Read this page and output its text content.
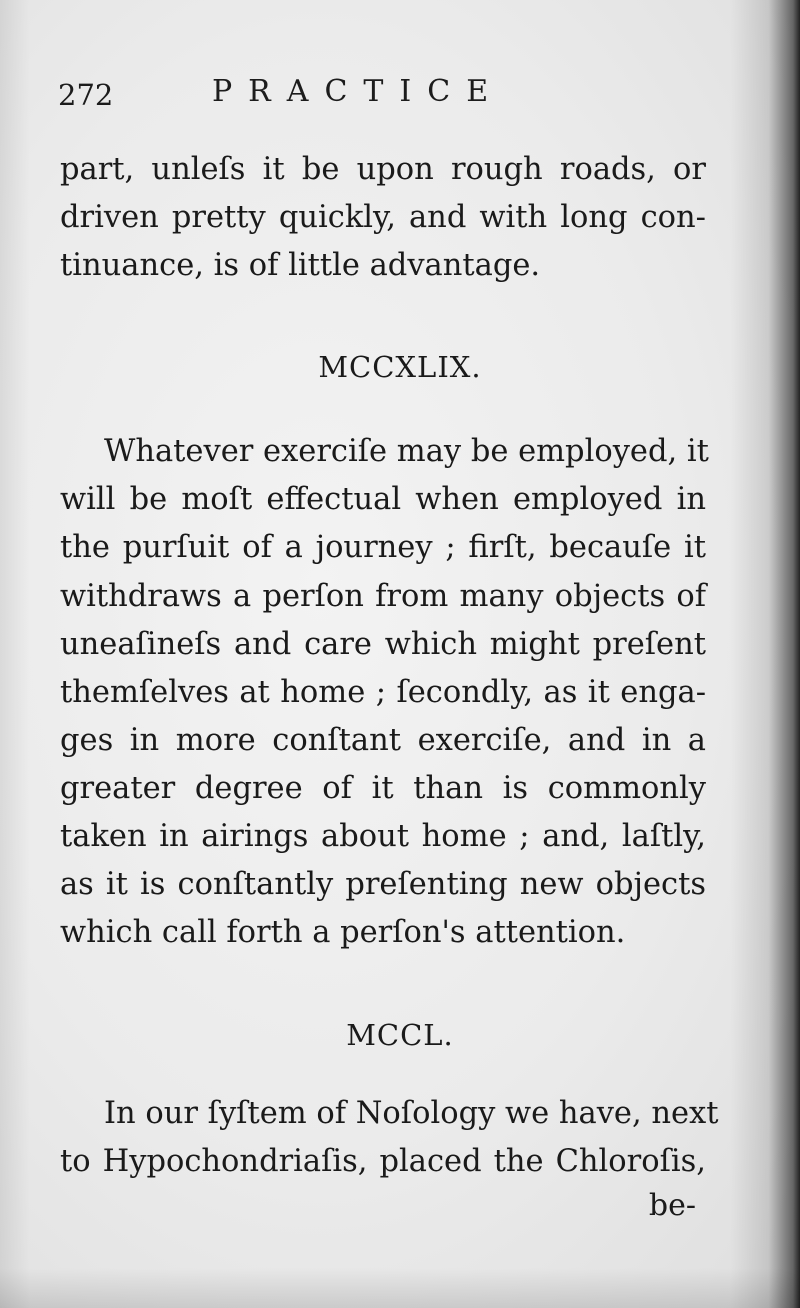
272	PRACTICE
part, unleſs it be upon rough roads, or
driven pretty quickly, and with long con-
tinuance, is of little advantage.
MCCXLIX.
Whatever exerciſe may be employed, it
will be moſt effectual when employed in
the purſuit of a journey ; firſt, becauſe it
withdraws a perſon from many objects of
uneaſineſs and care which might preſent
themſelves at home ; ſecondly, as it enga-
ges in more conſtant exerciſe, and in a
greater degree of it than is commonly
taken in airings about home ; and, laſtly,
as it is conſtantly preſenting new objects
which call forth a perſon's attention.
MCCL.
In our ſyſtem of Noſology we have, next
to Hypochondriaſis, placed the Chloroſis,
be-
